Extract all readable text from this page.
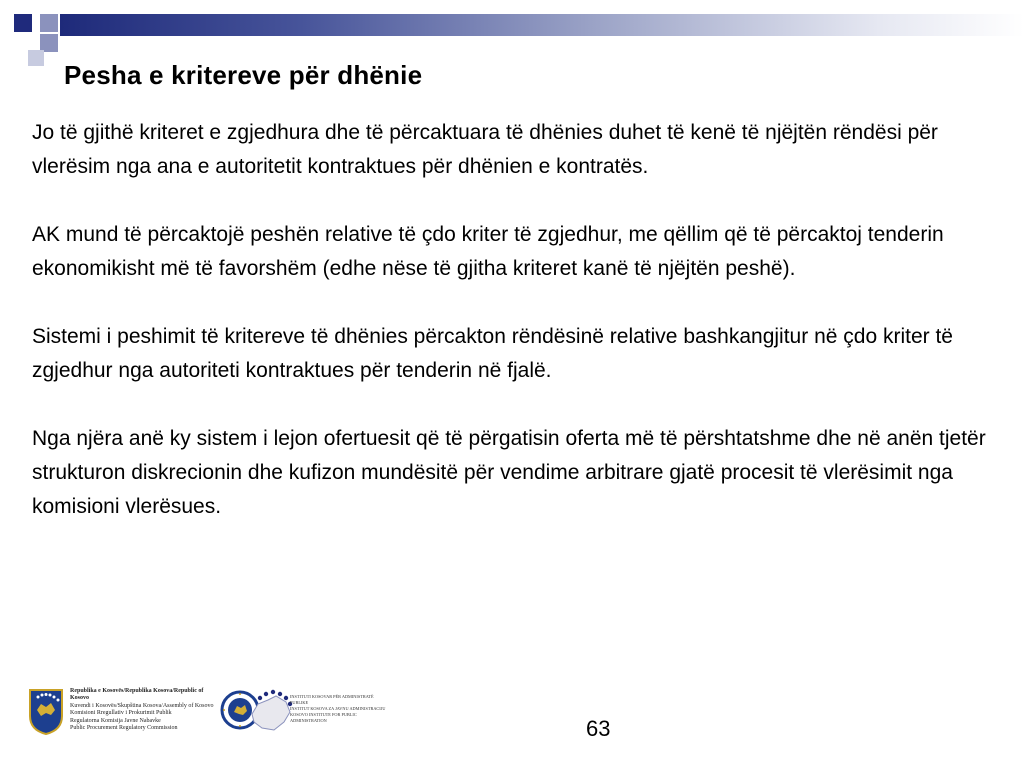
Pesha e kritereve për dhënie

Jo të gjithë kriteret e zgjedhura dhe të përcaktuara të dhënies duhet të kenë të njëjtën rëndësi për vlerësim nga ana e autoritetit kontraktues për dhënien e kontratës.

AK mund të përcaktojë peshën relative të çdo kriter të zgjedhur, me qëllim që të përcaktoj tenderin ekonomikisht më të favorshëm (edhe nëse të gjitha kriteret kanë të njëjtën peshë).

Sistemi i peshimit të kritereve të dhënies përcakton rëndësinë relative bashkangjitur në çdo kriter të zgjedhur nga autoriteti kontraktues për tenderin në fjalë.

Nga njëra anë ky sistem i lejon ofertuesit që të përgatisin oferta më të përshtatshme dhe në anën tjetër strukturon diskrecionin dhe kufizon mundësitë për vendime arbitrare gjatë procesit të vlerësimit nga komisioni vlerësues.

Republika e Kosovës/Republika Kosova/Republic of Kosovo
Kuvendi i Kosovës/Skupština Kosova/Assembly of Kosovo
Komisioni Rregullativ i Prokurimit Publik
Regulatorna Komisija Javne Nabavke
Public Procurement Regulatory Commission
INSTITUTI KOSOVAR PËR ADMINISTRATË PUBLIKE
INSTITUT KOSOVA ZA JAVNU ADMINISTRACIJU
KOSOVO INSTITUTE FOR PUBLIC ADMINISTRATION	63
